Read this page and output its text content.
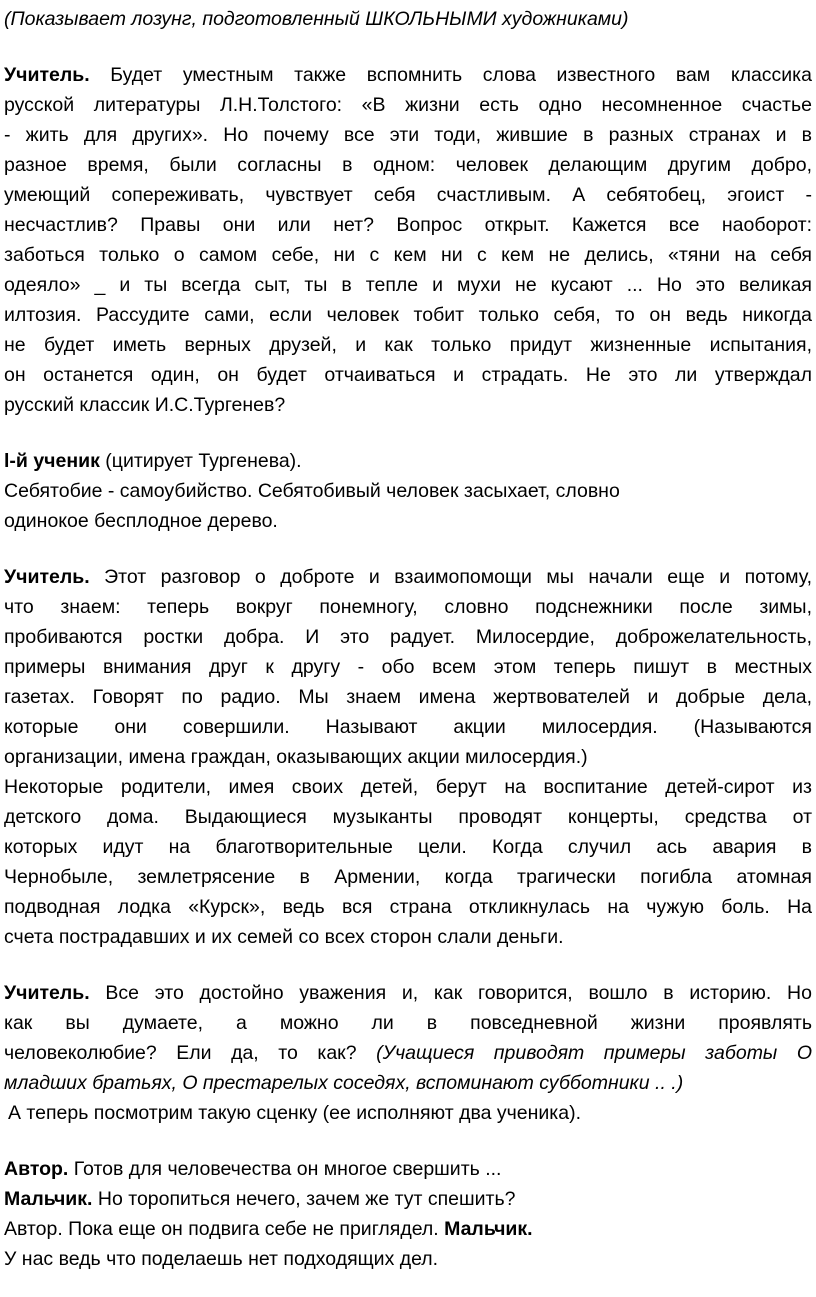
(Показывает лозунг, подготовленный ШКОЛЬНЫМИ художниками)
Учитель. Будет уместным также вспомнить слова известного вам классика
русской литературы Л.Н.Толстого: «В жизни есть одно несомненное счастье
- жить для других». Но почему все эти тоди, жившие в разных странах и в
разное время, были согласны в одном: человек делающим другим добро,
умеющий сопереживать, чувствует себя счастливым. А себятобец, эгоист -
несчастлив? Правы они или нет? Вопрос открыт. Кажется все наоборот:
заботься только о самом себе, ни с кем ни с кем не делись, «тяни на себя
одеяло» _ и ты всегда сыт, ты в тепле и мухи не кусают ... Но это великая
илтозия. Рассудите сами, если человек тобит только себя, то он ведь никогда
не будет иметь верных друзей, и как только придут жизненные испытания,
он останется один, он будет отчаиваться и страдать. Не это ли утверждал
русский классик И.С.Тургенев?
l-й ученик (цитирует Тургенева).
Себятобие - самоубийство. Себятобивый человек засыхает, словно
одинокое бесплодное дерево.
Учитель. Этот разговор о доброте и взаимопомощи мы начали еще и потому,
что знаем: теперь вокруг понемногу, словно подснежники после зимы,
пробиваются ростки добра. И это радует. Милосердие, доброжелательность,
примеры внимания друг к другу - обо всем этом теперь пишут в местных
газетах. Говорят по радио. Мы знаем имена жертвователей и добрые дела,
которые они совершили. Называют акции милосердия. (Называются
организации, имена граждан, оказывающих акции милосердия.)
Некоторые родители, имея своих детей, берут на воспитание детей-сирот из
детского дома. Выдающиеся музыканты проводят концерты, средства от
которых идут на благотворительные цели. Когда случил ась авария в
Чернобыле, землетрясение в Армении, когда трагически погибла атомная
подводная лодка «Курск», ведь вся страна откликнулась на чужую боль. На
счета пострадавших и их семей со всех сторон слали деньги.
Учитель. Все это достойно уважения и, как говорится, вошло в историю. Но
как вы думаете, а можно ли в повседневной жизни проявлять
человеколюбие? Ели да, то как? (Учащиеся приводят примеры заботы О
младших братьях, О престарелых соседях, вспоминают субботники .. .)
А теперь посмотрим такую сценку (ее исполняют два ученика).
Автор. Готов для человечества он многое свершить ...
Мальчик. Но торопиться нечего, зачем же тут спешить?
Автор. Пока еще он подвига себе не приглядел. Мальчик.
У нас ведь что поделаешь нет подходящих дел.
